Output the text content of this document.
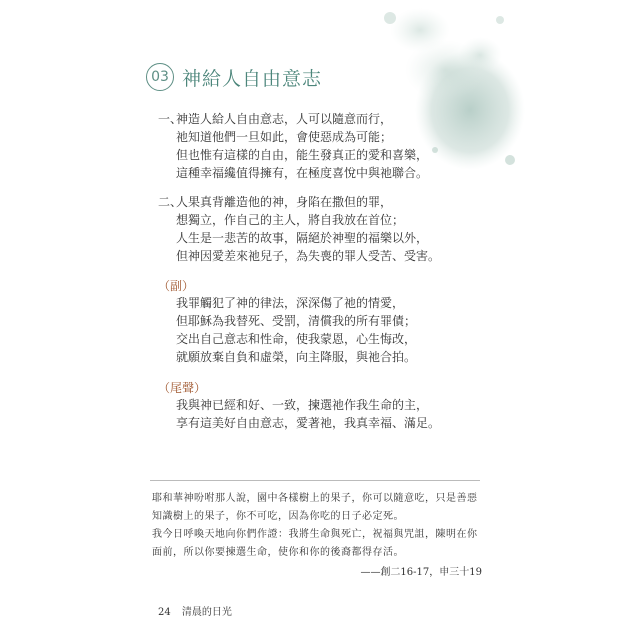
03 神給人自由意志
一、
神造人給人自由意志，人可以隨意而行，
祂知道他們一旦如此，會使惡成為可能；
但也惟有這樣的自由，能生發真正的愛和喜樂，
這種幸福纔值得擁有，在極度喜悅中與祂聯合。
二、
人果真背離造他的神，身陷在撒但的罪，
想獨立，作自己的主人，將自我放在首位；
人生是一悲苦的故事，隔絕於神聖的福樂以外，
但神因愛差來祂兒子，為失喪的罪人受苦、受害。
（副）
我罪觸犯了神的律法，深深傷了祂的情愛，
但耶穌為我替死、受罰，清償我的所有罪債；
交出自己意志和性命，使我蒙恩，心生悔改，
就願放棄自負和虛榮，向主降服，與祂合拍。
（尾聲）
我與神已經和好、一致，揀選祂作我生命的主，
享有這美好自由意志，愛著祂，我真幸福、滿足。

耶和華神吩咐那人說，園中各樣樹上的果子，你可以隨意吃，只是善惡知識樹上的果子，你不可吃，因為你吃的日子必定死。

我今日呼喚天地向你們作證：我將生命與死亡，祝福與咒詛，陳明在你面前，所以你要揀選生命，使你和你的後裔都得存活。

——創二16-17，申三十19
24 清晨的日光
